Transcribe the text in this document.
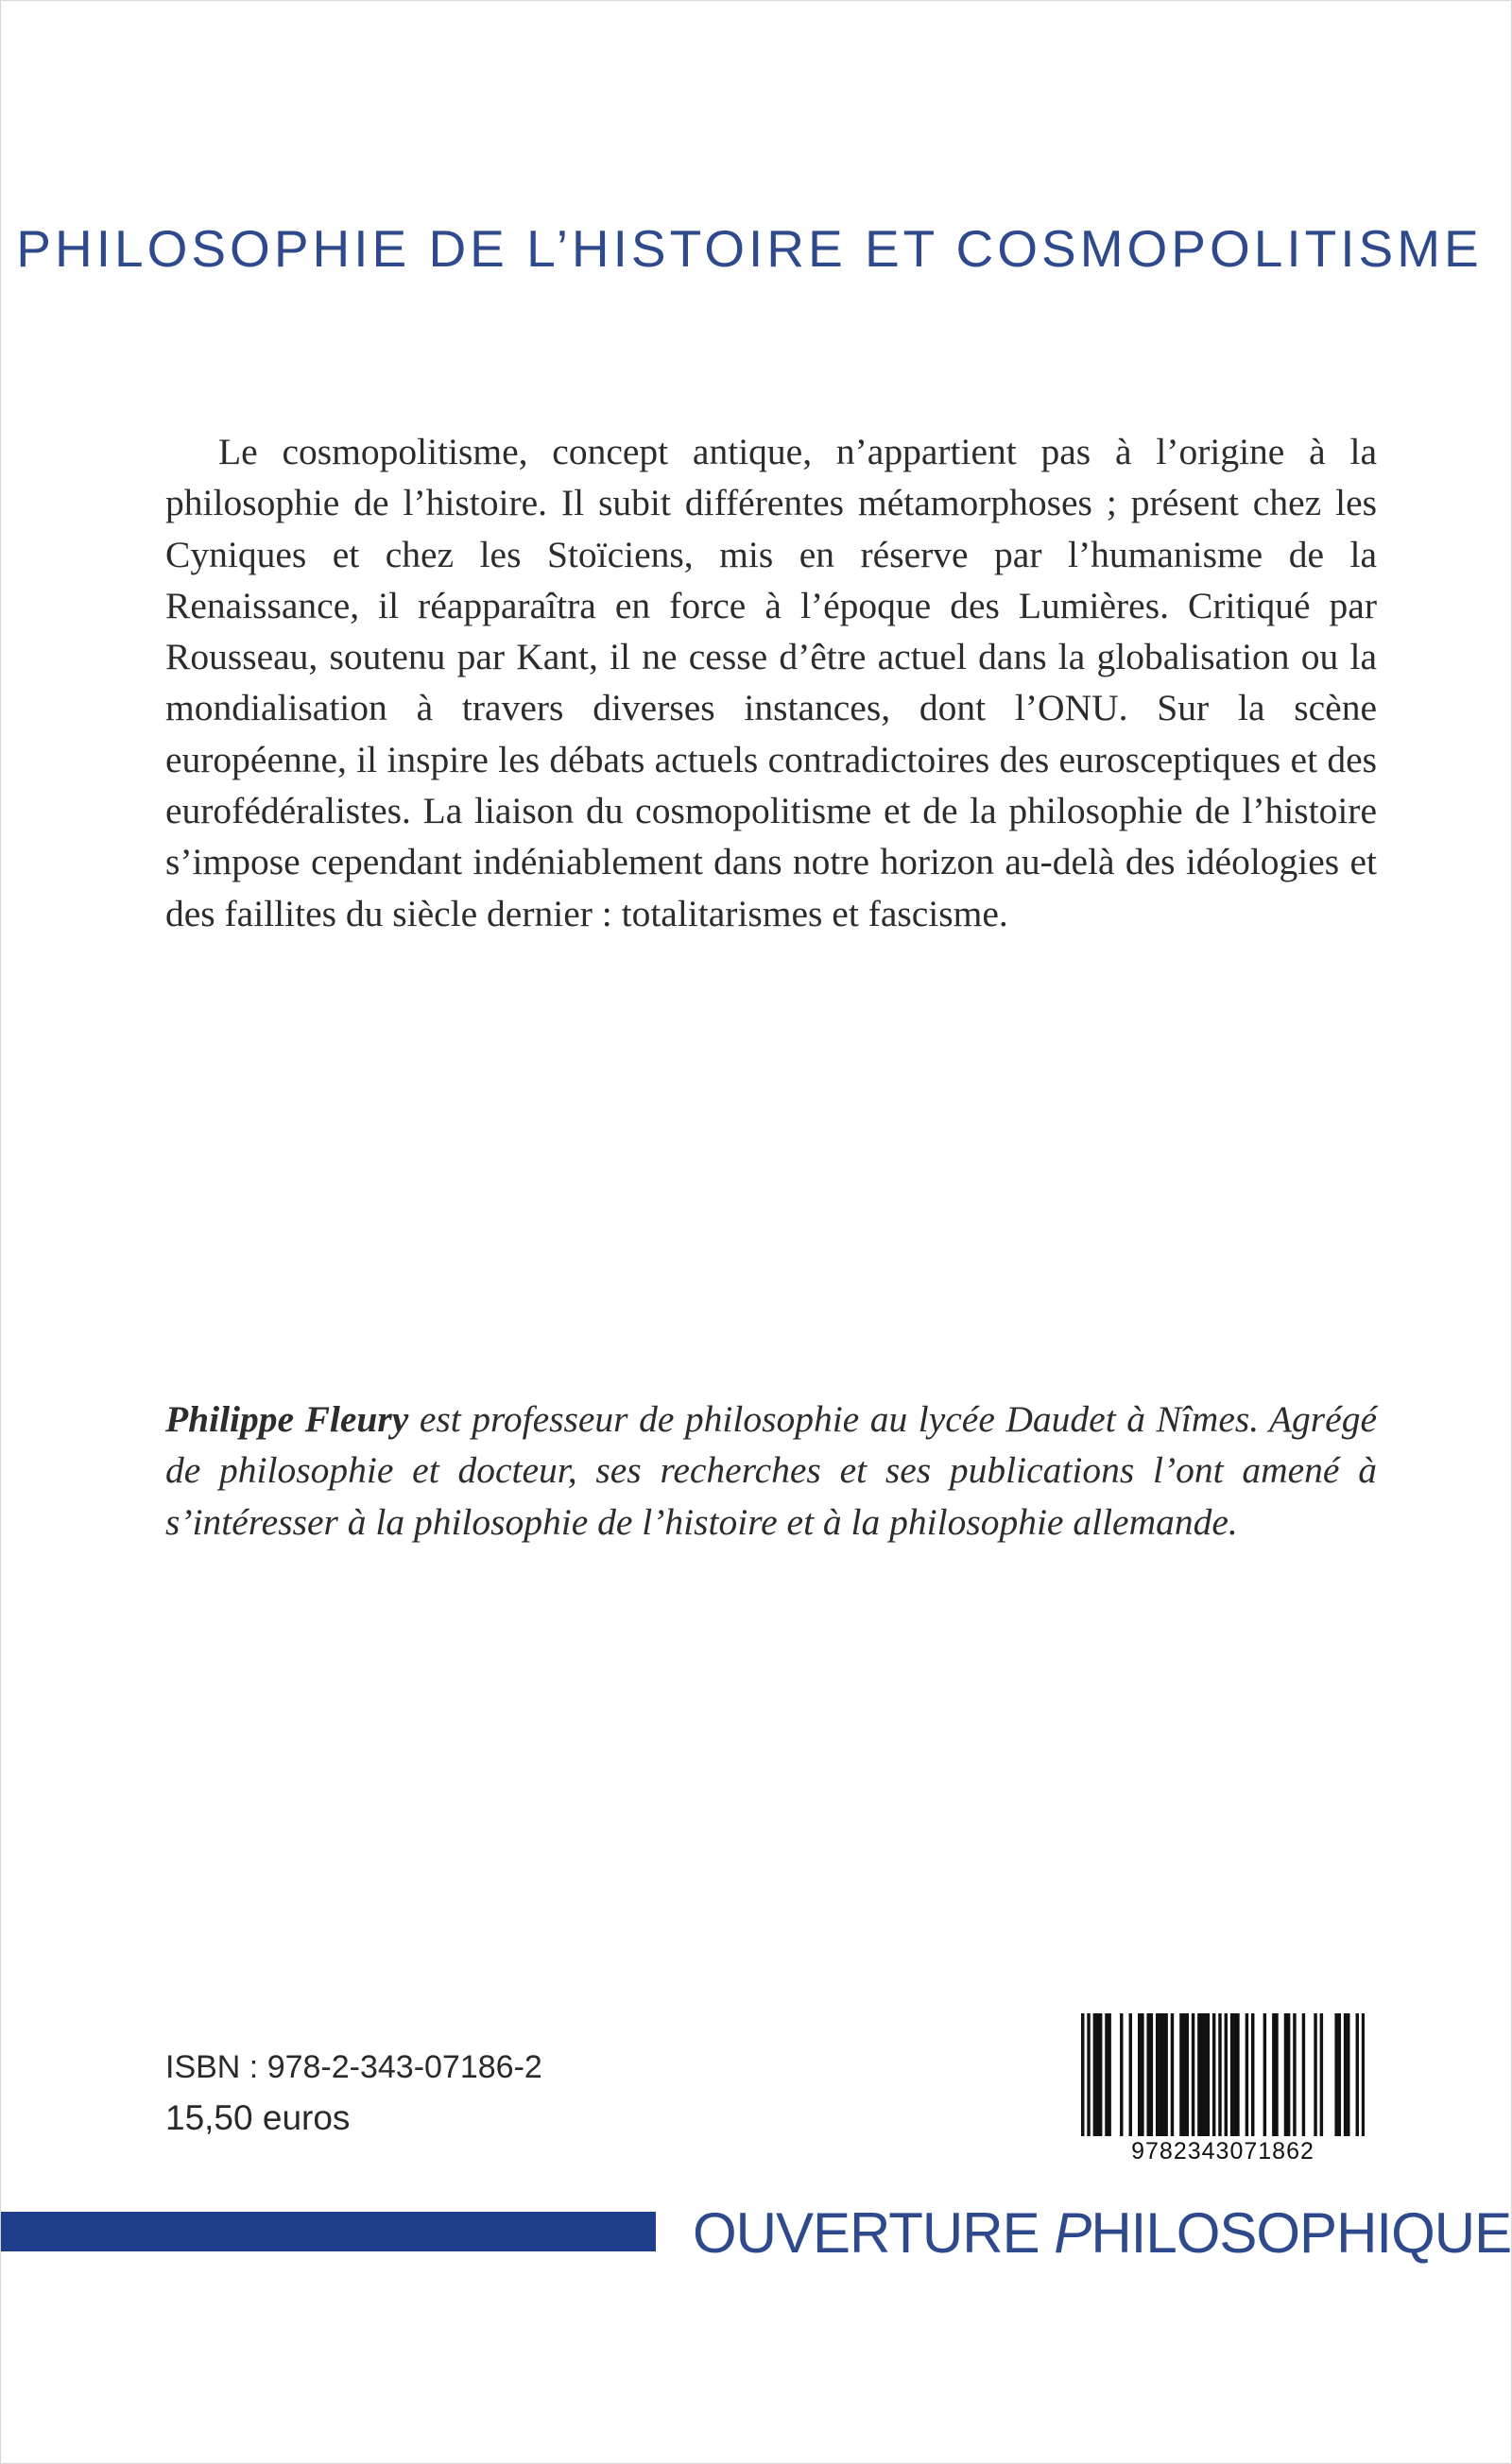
PHILOSOPHIE DE L’HISTOIRE ET COSMOPOLITISME

Le cosmopolitisme, concept antique, n’appartient pas à l’origine à la philosophie de l’histoire. Il subit différentes métamorphoses ; présent chez les Cyniques et chez les Stoïciens, mis en réserve par l’humanisme de la Renaissance, il réapparaîtra en force à l’époque des Lumières. Critiqué par Rousseau, soutenu par Kant, il ne cesse d’être actuel dans la globalisation ou la mondialisation à travers diverses instances, dont l’ONU. Sur la scène européenne, il inspire les débats actuels contradictoires des eurosceptiques et des eurofédéralistes. La liaison du cosmopolitisme et de la philosophie de l’histoire s’impose cependant indéniablement dans notre horizon au-delà des idéologies et des faillites du siècle dernier : totalitarismes et fascisme.

Philippe Fleury est professeur de philosophie au lycée Daudet à Nîmes. Agrégé de philosophie et docteur, ses recherches et ses publications l’ont amené à s’intéresser à la philosophie de l’histoire et à la philosophie allemande.

ISBN : 978-2-343-07186-2
15,50 euros
9782343071862
OUVERTURE PHILOSOPHIQUE
